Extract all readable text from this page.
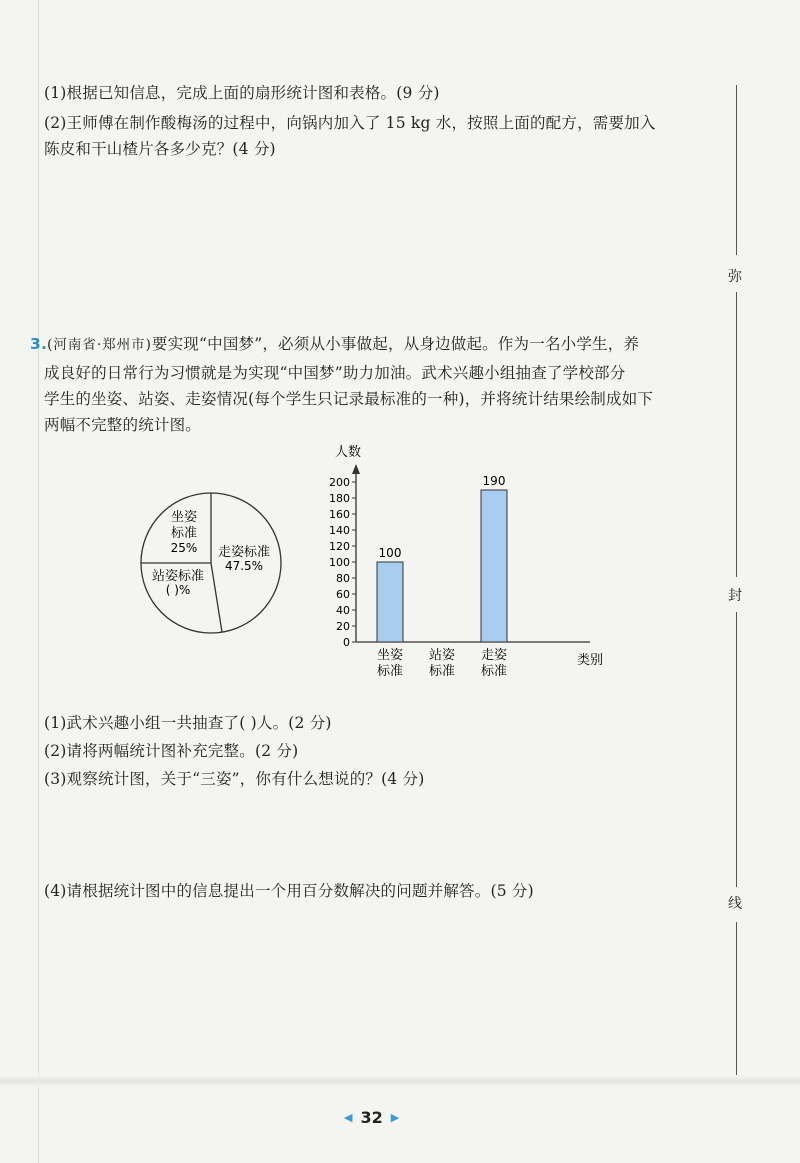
(1)根据已知信息，完成上面的扇形统计图和表格。(9 分)
(2)王师傅在制作酸梅汤的过程中，向锅内加入了 15 kg 水，按照上面的配方，需要加入
陈皮和干山楂片各多少克？(4 分)
3.(河南省·郑州市)要实现“中国梦”，必须从小事做起，从身边做起。作为一名小学生，养
成良好的日常行为习惯就是为实现“中国梦”助力加油。武术兴趣小组抽查了学校部分
学生的坐姿、站姿、走姿情况(每个学生只记录最标准的一种)，并将统计结果绘制成如下
两幅不完整的统计图。
坐姿
标准
25% 走姿标准
47.5%
站姿标准
( )%
人数
类别
0
20
40
60
80
100
120
140
160
180
200
100
坐姿
标准
站姿
标准
190
走姿
标准
(1)武术兴趣小组一共抽查了( )人。(2 分)
(2)请将两幅统计图补充完整。(2 分)
(3)观察统计图，关于“三姿”，你有什么想说的？(4 分)
(4)请根据统计图中的信息提出一个用百分数解决的问题并解答。(5 分)
弥
封
线
◀ 32 ▶
